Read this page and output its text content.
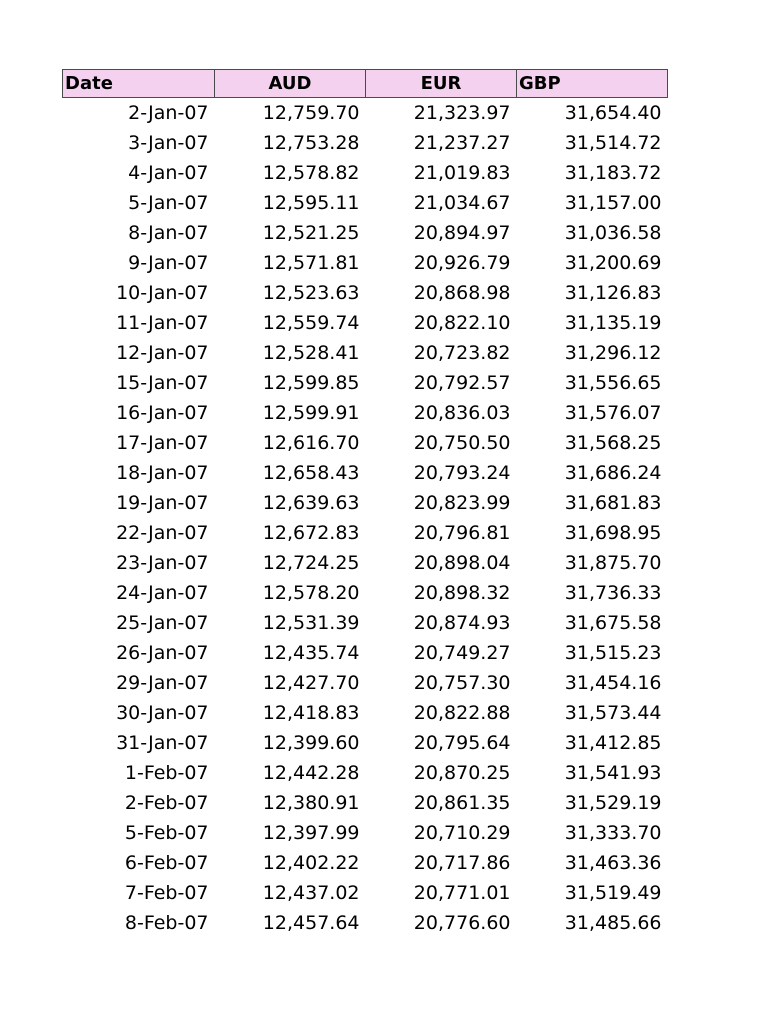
Date	AUD	EUR	GBP
2-Jan-07	12,759.70	21,323.97	31,654.40
3-Jan-07	12,753.28	21,237.27	31,514.72
4-Jan-07	12,578.82	21,019.83	31,183.72
5-Jan-07	12,595.11	21,034.67	31,157.00
8-Jan-07	12,521.25	20,894.97	31,036.58
9-Jan-07	12,571.81	20,926.79	31,200.69
10-Jan-07	12,523.63	20,868.98	31,126.83
11-Jan-07	12,559.74	20,822.10	31,135.19
12-Jan-07	12,528.41	20,723.82	31,296.12
15-Jan-07	12,599.85	20,792.57	31,556.65
16-Jan-07	12,599.91	20,836.03	31,576.07
17-Jan-07	12,616.70	20,750.50	31,568.25
18-Jan-07	12,658.43	20,793.24	31,686.24
19-Jan-07	12,639.63	20,823.99	31,681.83
22-Jan-07	12,672.83	20,796.81	31,698.95
23-Jan-07	12,724.25	20,898.04	31,875.70
24-Jan-07	12,578.20	20,898.32	31,736.33
25-Jan-07	12,531.39	20,874.93	31,675.58
26-Jan-07	12,435.74	20,749.27	31,515.23
29-Jan-07	12,427.70	20,757.30	31,454.16
30-Jan-07	12,418.83	20,822.88	31,573.44
31-Jan-07	12,399.60	20,795.64	31,412.85
1-Feb-07	12,442.28	20,870.25	31,541.93
2-Feb-07	12,380.91	20,861.35	31,529.19
5-Feb-07	12,397.99	20,710.29	31,333.70
6-Feb-07	12,402.22	20,717.86	31,463.36
7-Feb-07	12,437.02	20,771.01	31,519.49
8-Feb-07	12,457.64	20,776.60	31,485.66
